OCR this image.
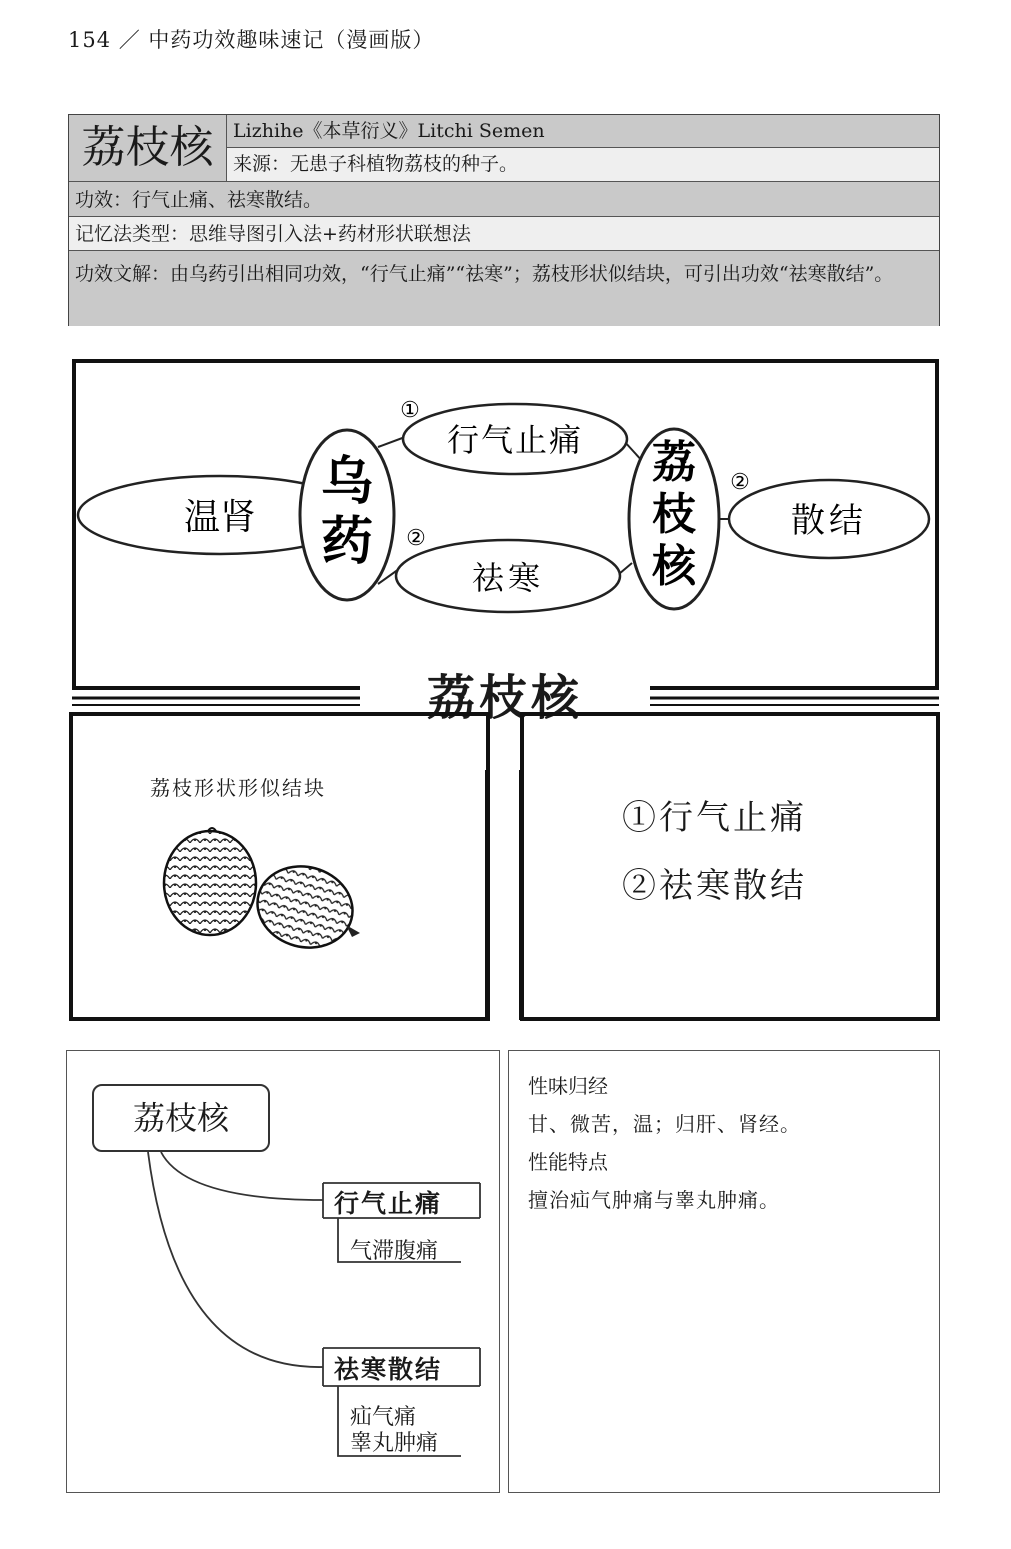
154 ／ 中药功效趣味速记（漫画版）
荔枝核	Lizhihe《本草衍义》Litchi Semen
来源：无患子科植物荔枝的种子。
功效：行气止痛、祛寒散结。
记忆法类型：思维导图引入法+药材形状联想法
功效文解：由乌药引出相同功效，“行气止痛”“祛寒”；荔枝形状似结块，可引出功效“祛寒散结”。
温肾
乌
药
行气止痛
①
祛寒
②
荔
枝
核
②
散结
荔枝核
荔枝形状形似结块
①行气止痛
②祛寒散结
荔枝核
行气止痛
气滞腹痛
祛寒散结
疝气痛
睾丸肿痛
性味归经
甘、微苦，温；归肝、肾经。
性能特点
擅治疝气肿痛与睾丸肿痛。
